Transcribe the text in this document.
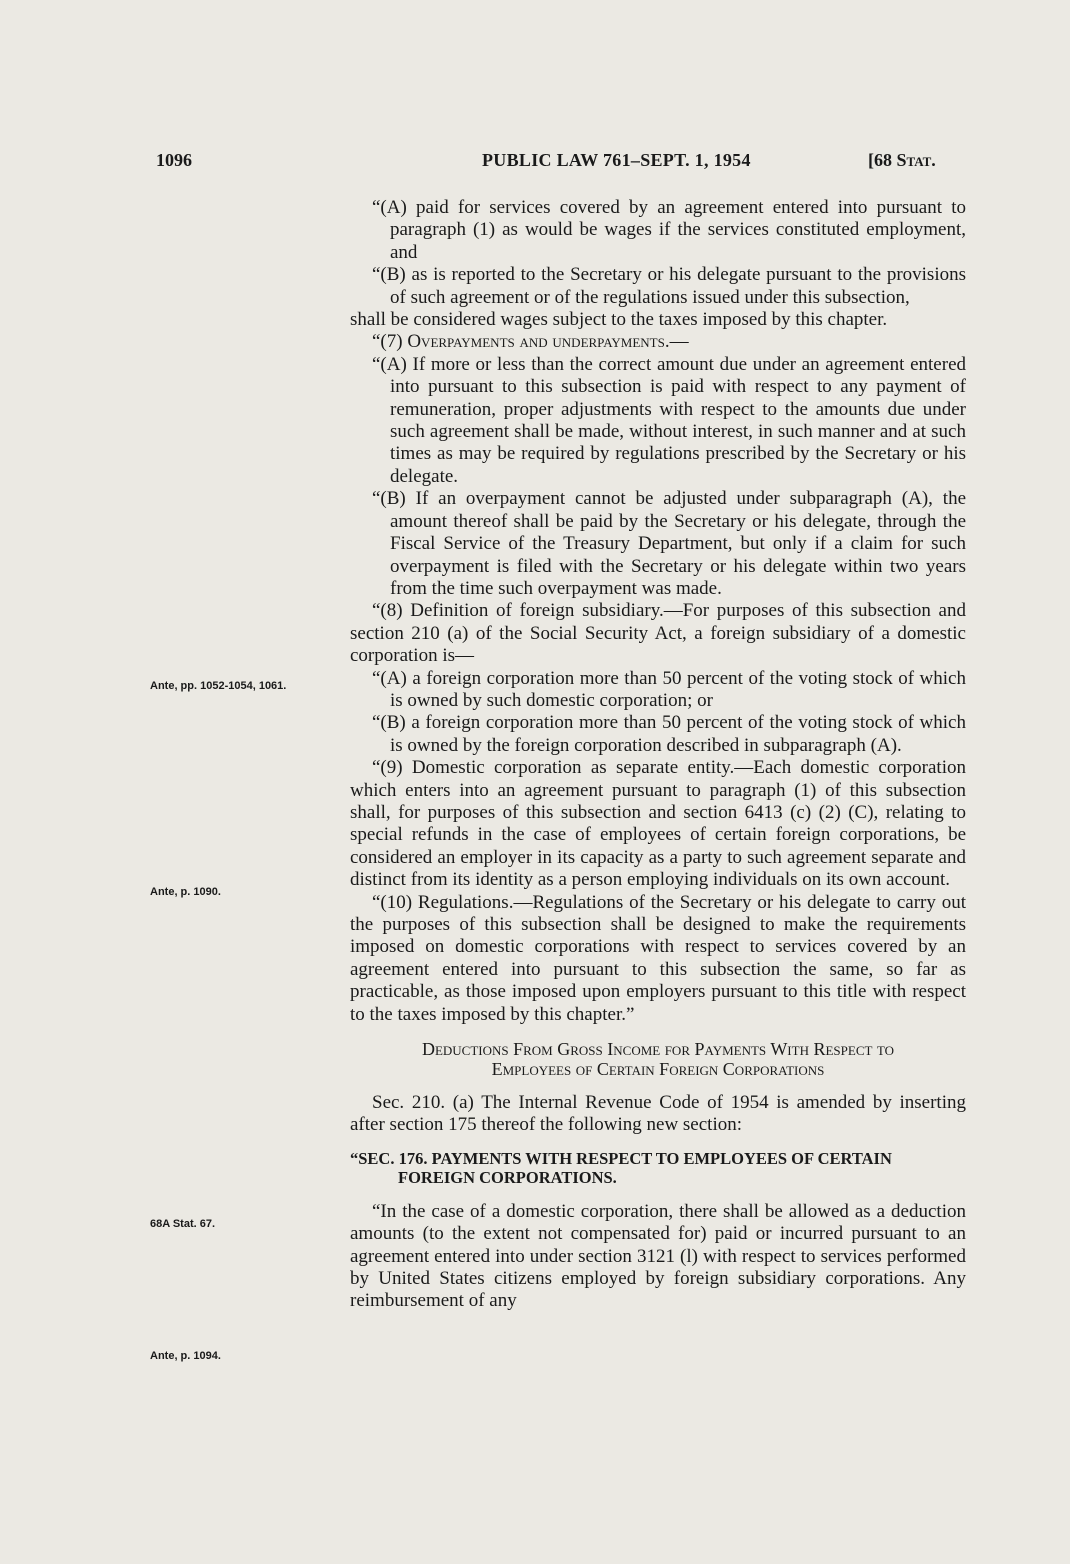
1096	PUBLIC LAW 761–SEPT. 1, 1954	[68 Stat.
Ante, pp. 1052-1054, 1061.
Ante, p. 1090.
68A Stat. 67.
Ante, p. 1094.

“(A) paid for services covered by an agreement entered into pursuant to paragraph (1) as would be wages if the services constituted employment, and

“(B) as is reported to the Secretary or his delegate pursuant to the provisions of such agreement or of the regulations issued under this subsection,

shall be considered wages subject to the taxes imposed by this chapter.

“(7) Overpayments and underpayments.—

“(A) If more or less than the correct amount due under an agreement entered into pursuant to this subsection is paid with respect to any payment of remuneration, proper adjustments with respect to the amounts due under such agreement shall be made, without interest, in such manner and at such times as may be required by regulations prescribed by the Secretary or his delegate.

“(B) If an overpayment cannot be adjusted under subparagraph (A), the amount thereof shall be paid by the Secretary or his delegate, through the Fiscal Service of the Treasury Department, but only if a claim for such overpayment is filed with the Secretary or his delegate within two years from the time such overpayment was made.

“(8) Definition of foreign subsidiary.—For purposes of this subsection and section 210 (a) of the Social Security Act, a foreign subsidiary of a domestic corporation is—

“(A) a foreign corporation more than 50 percent of the voting stock of which is owned by such domestic corporation; or

“(B) a foreign corporation more than 50 percent of the voting stock of which is owned by the foreign corporation described in subparagraph (A).

“(9) Domestic corporation as separate entity.—Each domestic corporation which enters into an agreement pursuant to paragraph (1) of this subsection shall, for purposes of this subsection and section 6413 (c) (2) (C), relating to special refunds in the case of employees of certain foreign corporations, be considered an employer in its capacity as a party to such agreement separate and distinct from its identity as a person employing individuals on its own account.

“(10) Regulations.—Regulations of the Secretary or his delegate to carry out the purposes of this subsection shall be designed to make the requirements imposed on domestic corporations with respect to services covered by an agreement entered into pursuant to this subsection the same, so far as practicable, as those imposed upon employers pursuant to this title with respect to the taxes imposed by this chapter.”

Deductions From Gross Income for Payments With Respect to
Employees of Certain Foreign Corporations

Sec. 210. (a) The Internal Revenue Code of 1954 is amended by inserting after section 175 thereof the following new section:

“SEC. 176. PAYMENTS WITH RESPECT TO EMPLOYEES OF CERTAIN
FOREIGN CORPORATIONS.

“In the case of a domestic corporation, there shall be allowed as a deduction amounts (to the extent not compensated for) paid or incurred pursuant to an agreement entered into under section 3121 (l) with respect to services performed by United States citizens employed by foreign subsidiary corporations. Any reimbursement of any
